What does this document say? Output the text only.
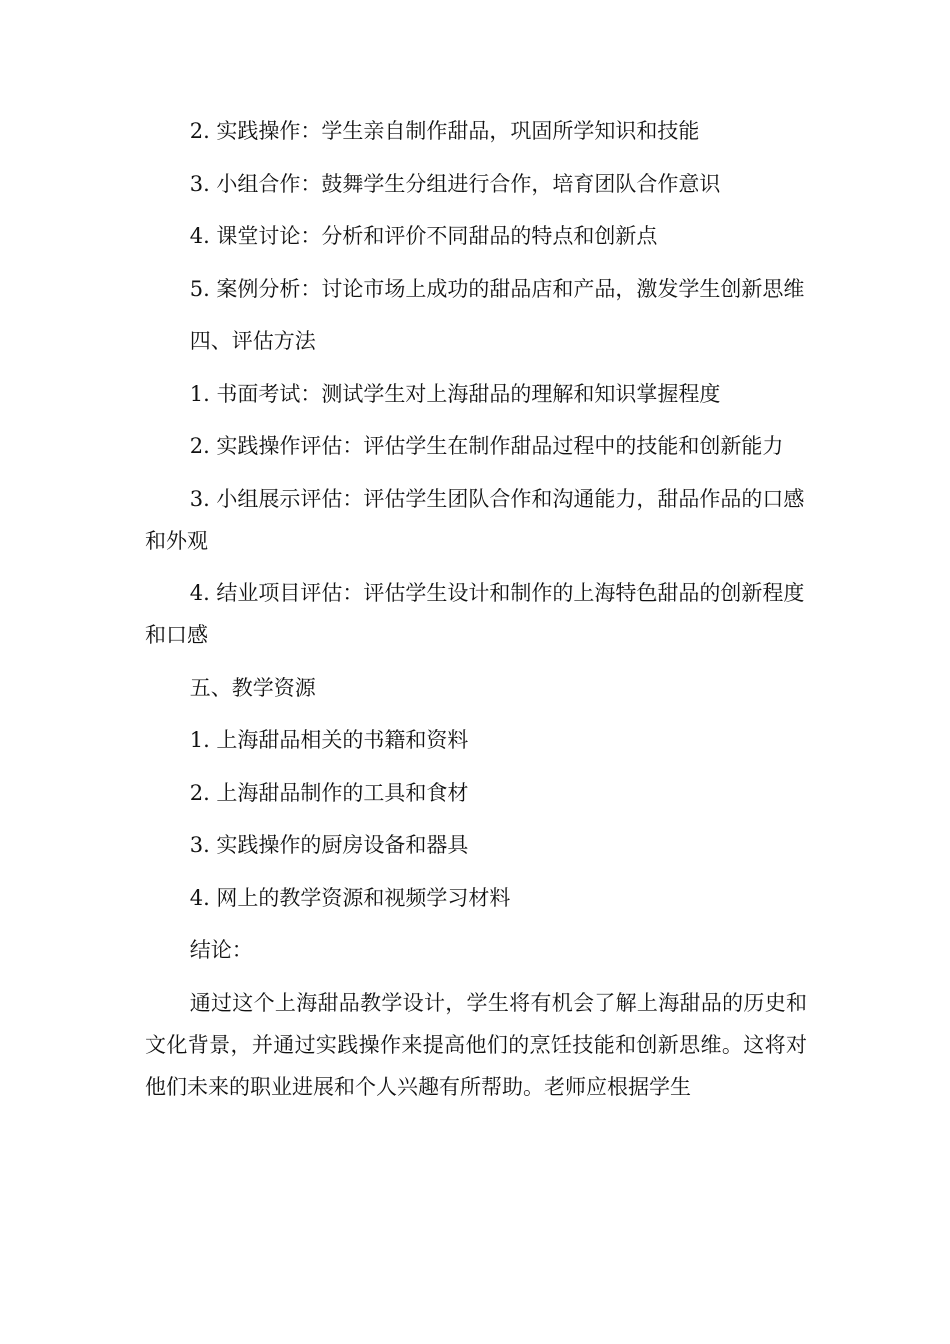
2. 实践操作：学生亲自制作甜品，巩固所学知识和技能

3. 小组合作：鼓舞学生分组进行合作，培育团队合作意识

4. 课堂讨论：分析和评价不同甜品的特点和创新点

5. 案例分析：讨论市场上成功的甜品店和产品，激发学生创新思维

四、评估方法

1. 书面考试：测试学生对上海甜品的理解和知识掌握程度

2. 实践操作评估：评估学生在制作甜品过程中的技能和创新能力

3. 小组展示评估：评估学生团队合作和沟通能力，甜品作品的口感和外观

4. 结业项目评估：评估学生设计和制作的上海特色甜品的创新程度和口感

五、教学资源

1. 上海甜品相关的书籍和资料

2. 上海甜品制作的工具和食材

3. 实践操作的厨房设备和器具

4. 网上的教学资源和视频学习材料

结论：

通过这个上海甜品教学设计，学生将有机会了解上海甜品的历史和文化背景，并通过实践操作来提高他们的烹饪技能和创新思维。这将对他们未来的职业进展和个人兴趣有所帮助。老师应根据学生
